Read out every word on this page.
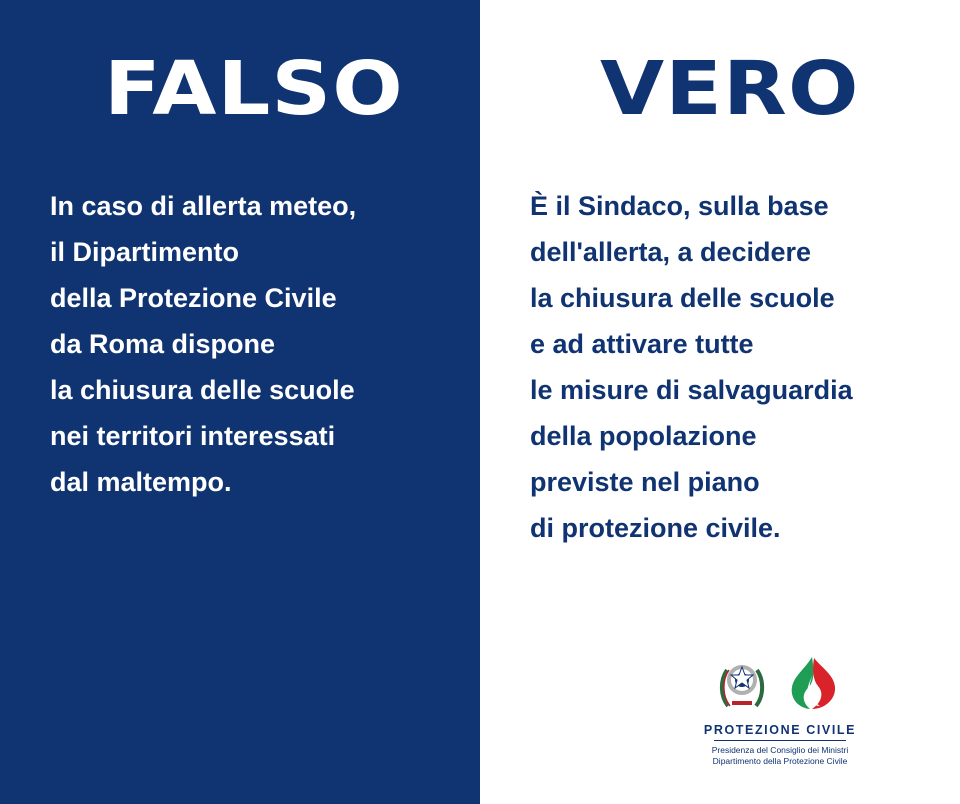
FALSO
In caso di allerta meteo,
il Dipartimento
della Protezione Civile
da Roma dispone
la chiusura delle scuole
nei territori interessati
dal maltempo.
VERO
È il Sindaco, sulla base
dell'allerta, a decidere
la chiusura delle scuole
e ad attivare tutte
le misure di salvaguardia
della popolazione
previste nel piano
di protezione civile.
PROTEZIONE CIVILE
Presidenza del Consiglio dei Ministri
Dipartimento della Protezione Civile
